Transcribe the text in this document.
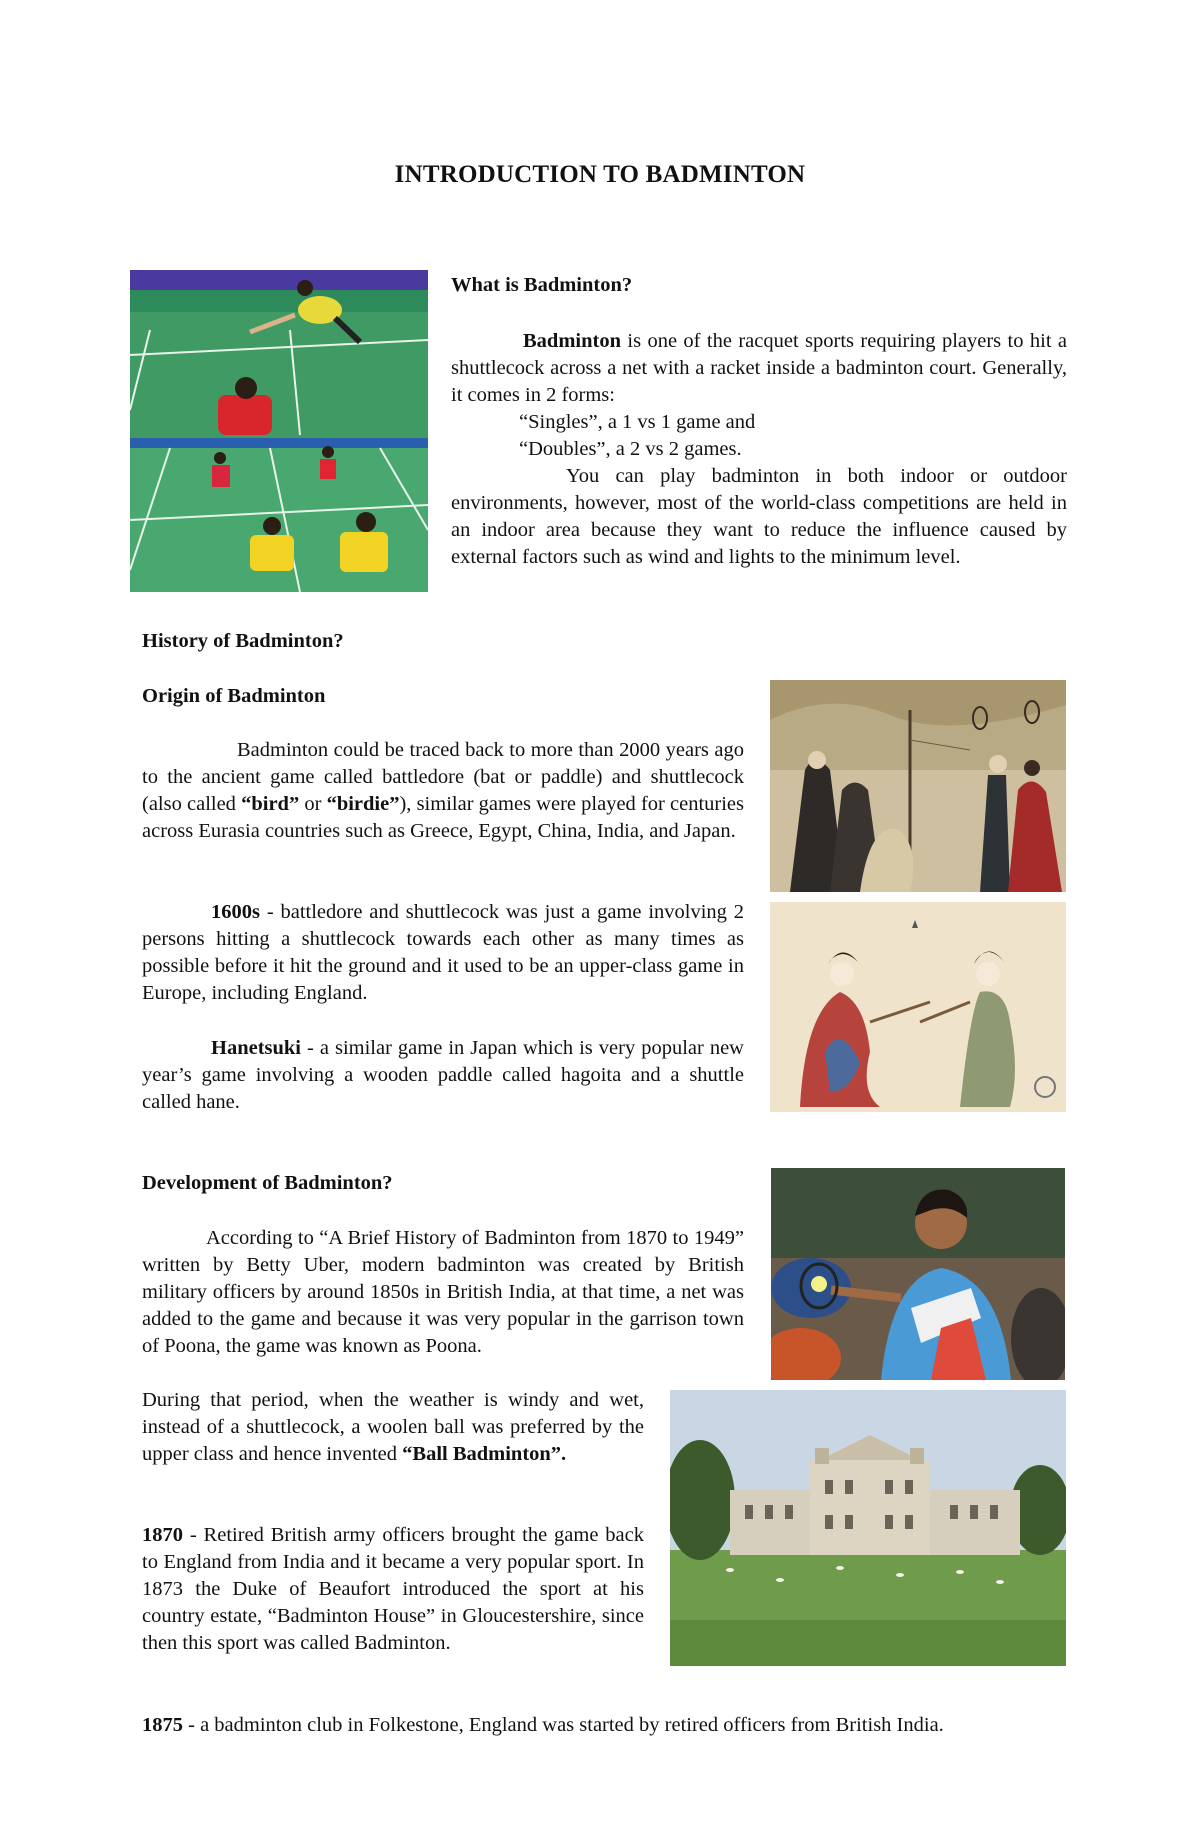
INTRODUCTION TO BADMINTON
What is Badminton?
Badminton is one of the racquet sports requiring players to hit a shuttlecock across a net with a racket inside a badminton court. Generally, it comes in 2 forms:
“Singles”, a 1 vs 1 game and
“Doubles”, a 2 vs 2 games.
You can play badminton in both indoor or outdoor environments, however, most of the world-class competitions are held in an indoor area because they want to reduce the influence caused by external factors such as wind and lights to the minimum level.
History of Badminton?
Origin of Badminton
Badminton could be traced back to more than 2000 years ago to the ancient game called battledore (bat or paddle) and shuttlecock (also called “bird” or “birdie”), similar games were played for centuries across Eurasia countries such as Greece, Egypt, China, India, and Japan.
1600s - battledore and shuttlecock was just a game involving 2 persons hitting a shuttlecock towards each other as many times as possible before it hit the ground and it used to be an upper-class game in Europe, including England.
Hanetsuki - a similar game in Japan which is very popular new year’s game involving a wooden paddle called hagoita and a shuttle called hane.
Development of Badminton?
According to “A Brief History of Badminton from 1870 to 1949” written by Betty Uber, modern badminton was created by British military officers by around 1850s in British India, at that time, a net was added to the game and because it was very popular in the garrison town of Poona, the game was known as Poona.
During that period, when the weather is windy and wet, instead of a shuttlecock, a woolen ball was preferred by the upper class and hence invented “Ball Badminton”.
1870 - Retired British army officers brought the game back to England from India and it became a very popular sport. In 1873 the Duke of Beaufort introduced the sport at his country estate, “Badminton House” in Gloucestershire, since then this sport was called Badminton.
1875 - a badminton club in Folkestone, England was started by retired officers from British India.
